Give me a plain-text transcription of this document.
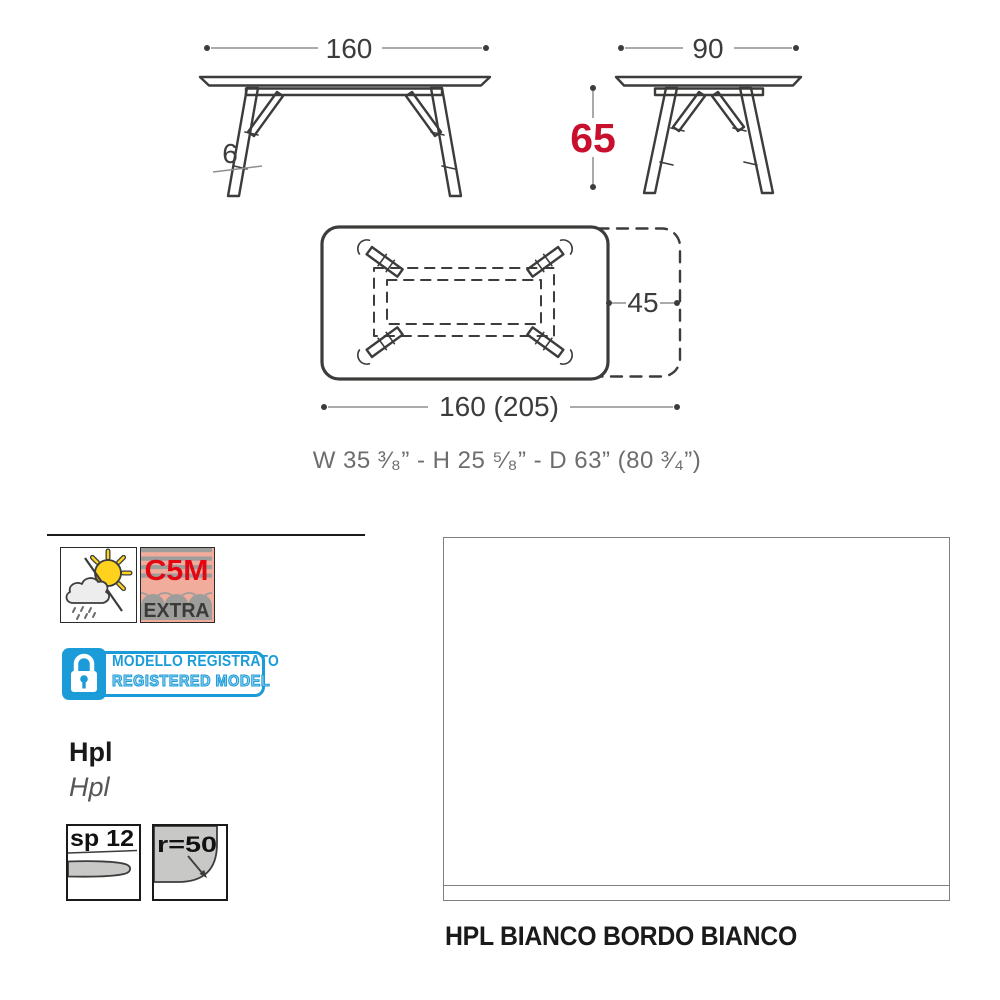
160
6
90
65
45
160 (205)
W 35 ³⁄₈” - H 25 ⁵⁄₈” - D 63” (80 ³⁄₄”)
C5M
EXTRA
MODELLO REGISTRATO
REGISTERED MODEL
Hpl
Hpl
sp 12 r=50
HPL BIANCO BORDO BIANCO
